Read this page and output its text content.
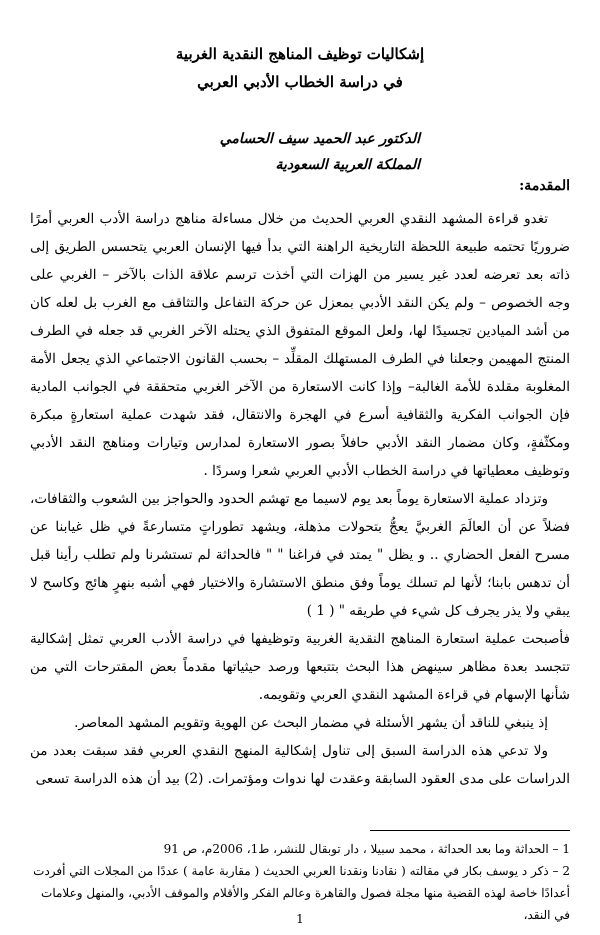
إشكاليات توظيف المناهج النقدية الغربية
في دراسة الخطاب الأدبي العربي
الدكتور عبد الحميد سيف الحسامي
المملكة العربية السعودية
المقدمة:

تغدو قراءة المشهد النقدي العربي الحديث من خلال مساءلة مناهج دراسة الأدب العربي أمرًا ضروريًا تحتمه طبيعة اللحظة التاريخية الراهنة التي بدأ فيها الإنسان العربي يتحسس الطريق إلى ذاته بعد تعرضه لعدد غير يسير من الهزات التي أخذت ترسم علاقة الذات بالآخر – الغربي على وجه الخصوص – ولم يكن النقد الأدبي بمعزل عن حركة التفاعل والتثاقف مع الغرب بل لعله كان من أشد الميادين تجسيدًا لها، ولعل الموقع المتفوق الذي يحتله الآخر الغربي قد جعله في الطرف المنتج المهيمن وجعلنا في الطرف المستهلك المقلِّد – بحسب القانون الاجتماعي الذي يجعل الأمة المغلوبة مقلدة للأمة الغالبة– وإذا كانت الاستعارة من الآخر الغربي متحققة في الجوانب المادية فإن الجوانب الفكرية والثقافية أسرع في الهجرة والانتقال، فقد شهدت عملية استعارةٍ مبكرة ومكثّفةٍ، وكان مضمار النقد الأدبي حافلاً بصور الاستعارة لمدارس وتيارات ومناهج النقد الأدبي وتوظيف معطياتها في دراسة الخطاب الأدبي العربي شعرا وسردًا .

وتزداد عملية الاستعارة يوماً بعد يوم لاسيما مع تهشم الحدود والحواجز بين الشعوب والثقافات، فضلاً عن أن العالَمَ الغربيَّ يعجُّ بتحولات مذهلة، ويشهد تطوراتٍ متسارعةً في ظل غيابنا عن مسرح الفعل الحضاري .. و يظل " يمتد في فراغنا " " فالحداثة لم تستشرنا ولم تطلب رأينا قبل أن تدهس بابنا؛ لأنها لم تسلك يوماً وفق منطق الاستشارة والاختيار فهي أشبه بنهرٍ هائج وكاسح لا يبقي ولا يذر يجرف كل شيء في طريقه " ( 1 )

فأصبحت عملية استعارة المناهج النقدية الغربية وتوظيفها في دراسة الأدب العربي تمثل إشكالية تتجسد بعدة مظاهر سينهض هذا البحث بتتبعها ورصد حيثياتها مقدماً بعض المقترحات التي من شأنها الإسهام في قراءة المشهد النقدي العربي وتقويمه.

إذ ينبغي للناقد أن يشهر الأسئلة في مضمار البحث عن الهوية وتقويم المشهد المعاصر.

ولا تدعي هذه الدراسة السبق إلى تناول إشكالية المنهج النقدي العربي فقد سبقت بعدد من الدراسات على مدى العقود السابقة وعقدت لها ندوات ومؤتمرات. (2) بيد أن هذه الدراسة تسعى

1 – الحداثة وما بعد الحداثة ، محمد سبيلا ، دار توبقال للنشر، ط1، 2006م، ص 91

2 – ذكر د يوسف بكار في مقالته ( نقادنا ونقدنا العربي الحديث ( مقاربة عامة ) عددًا من المجلات التي أفردت أعدادًا خاصة لهذه القضية منها مجلة فصول والقاهرة وعالم الفكر والأقلام والموقف الأدبي، والمنهل وعلامات في النقد،

1
